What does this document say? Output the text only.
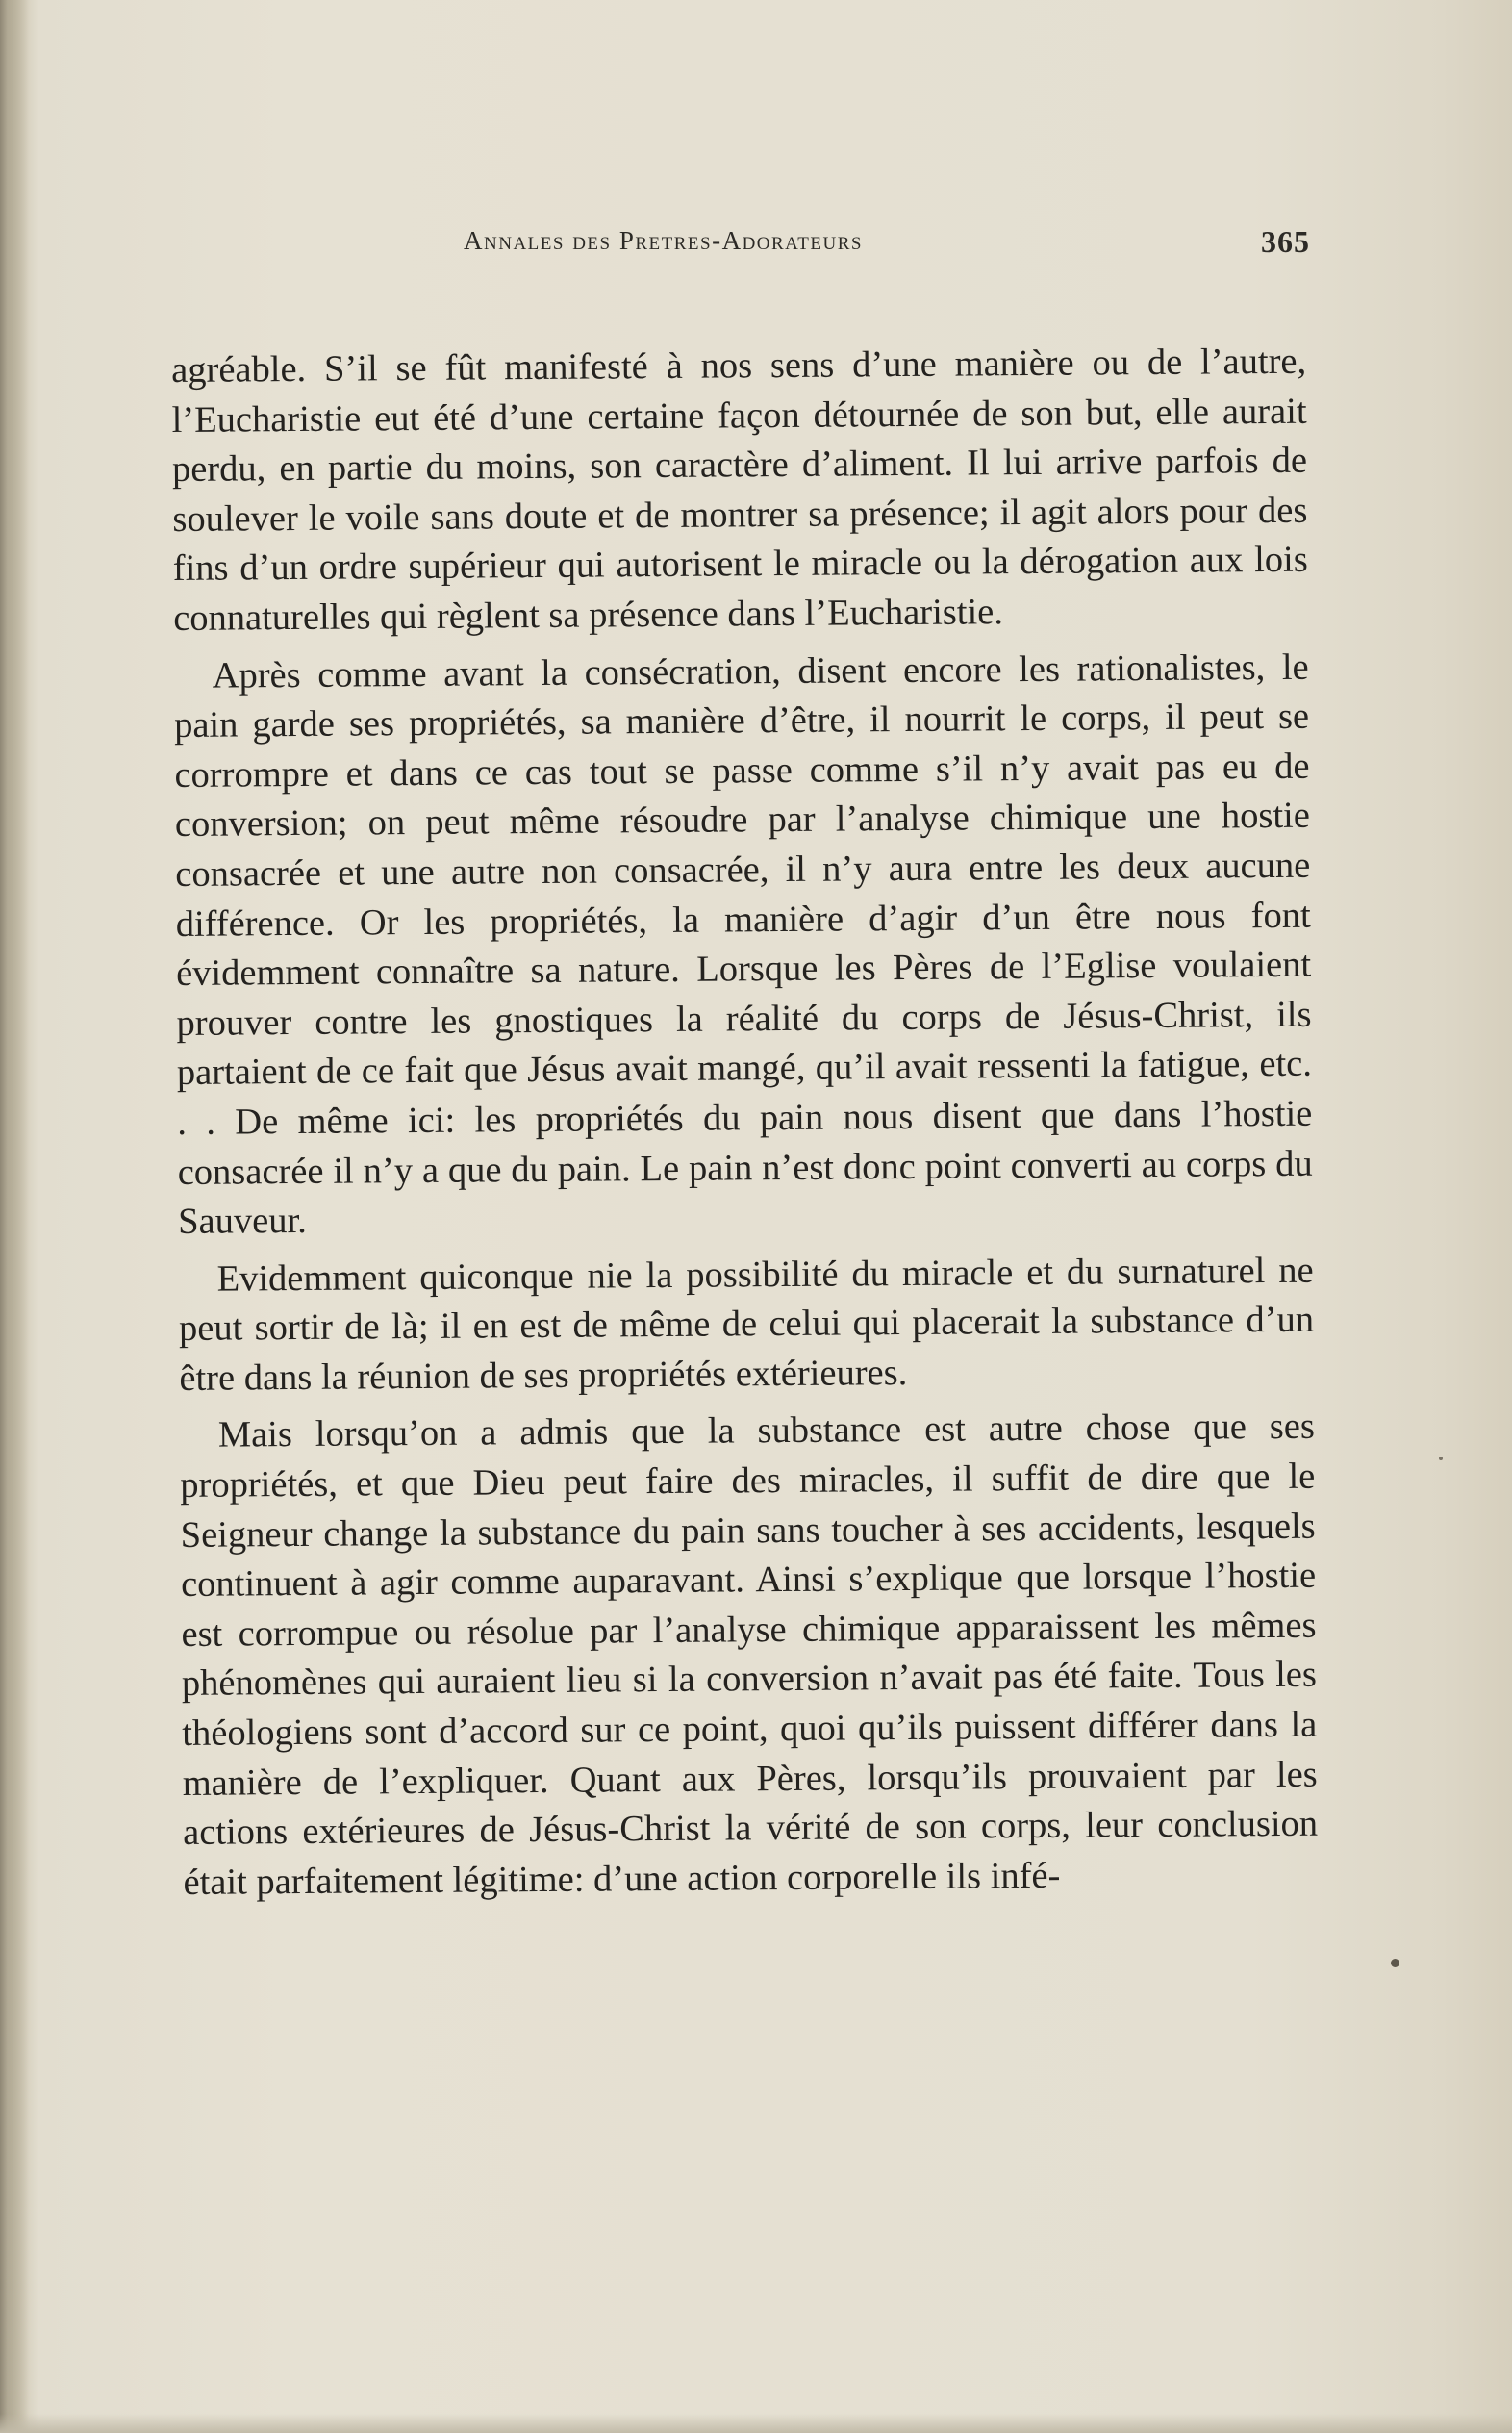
Annales des Pretres-Adorateurs	365

agréable. S’il se fût manifesté à nos sens d’une manière ou de l’autre, l’Eucharistie eut été d’une certaine façon détournée de son but, elle aurait perdu, en partie du moins, son caractère d’aliment. Il lui arrive parfois de soulever le voile sans doute et de montrer sa présence; il agit alors pour des fins d’un ordre supérieur qui autorisent le miracle ou la dérogation aux lois connaturelles qui règlent sa présence dans l’Eucharistie.

Après comme avant la consécration, disent encore les rationalistes, le pain garde ses propriétés, sa manière d’être, il nourrit le corps, il peut se corrompre et dans ce cas tout se passe comme s’il n’y avait pas eu de conversion; on peut même résoudre par l’analyse chimique une hostie consacrée et une autre non consacrée, il n’y aura entre les deux aucune différence. Or les propriétés, la manière d’agir d’un être nous font évidemment connaître sa nature. Lorsque les Pères de l’Eglise voulaient prouver contre les gnostiques la réalité du corps de Jésus-Christ, ils partaient de ce fait que Jésus avait mangé, qu’il avait ressenti la fatigue, etc. . . De même ici: les propriétés du pain nous disent que dans l’hostie consacrée il n’y a que du pain. Le pain n’est donc point converti au corps du Sauveur.

Evidemment quiconque nie la possibilité du miracle et du surnaturel ne peut sortir de là; il en est de même de celui qui placerait la substance d’un être dans la réunion de ses propriétés extérieures.

Mais lorsqu’on a admis que la substance est autre chose que ses propriétés, et que Dieu peut faire des miracles, il suffit de dire que le Seigneur change la substance du pain sans toucher à ses accidents, lesquels continuent à agir comme auparavant. Ainsi s’explique que lorsque l’hostie est corrompue ou résolue par l’analyse chimique apparaissent les mêmes phénomènes qui auraient lieu si la conversion n’avait pas été faite. Tous les théologiens sont d’accord sur ce point, quoi qu’ils puissent différer dans la manière de l’expliquer. Quant aux Pères, lorsqu’ils prouvaient par les actions extérieures de Jésus-Christ la vérité de son corps, leur conclusion était parfaitement légitime: d’une action corporelle ils infé-
